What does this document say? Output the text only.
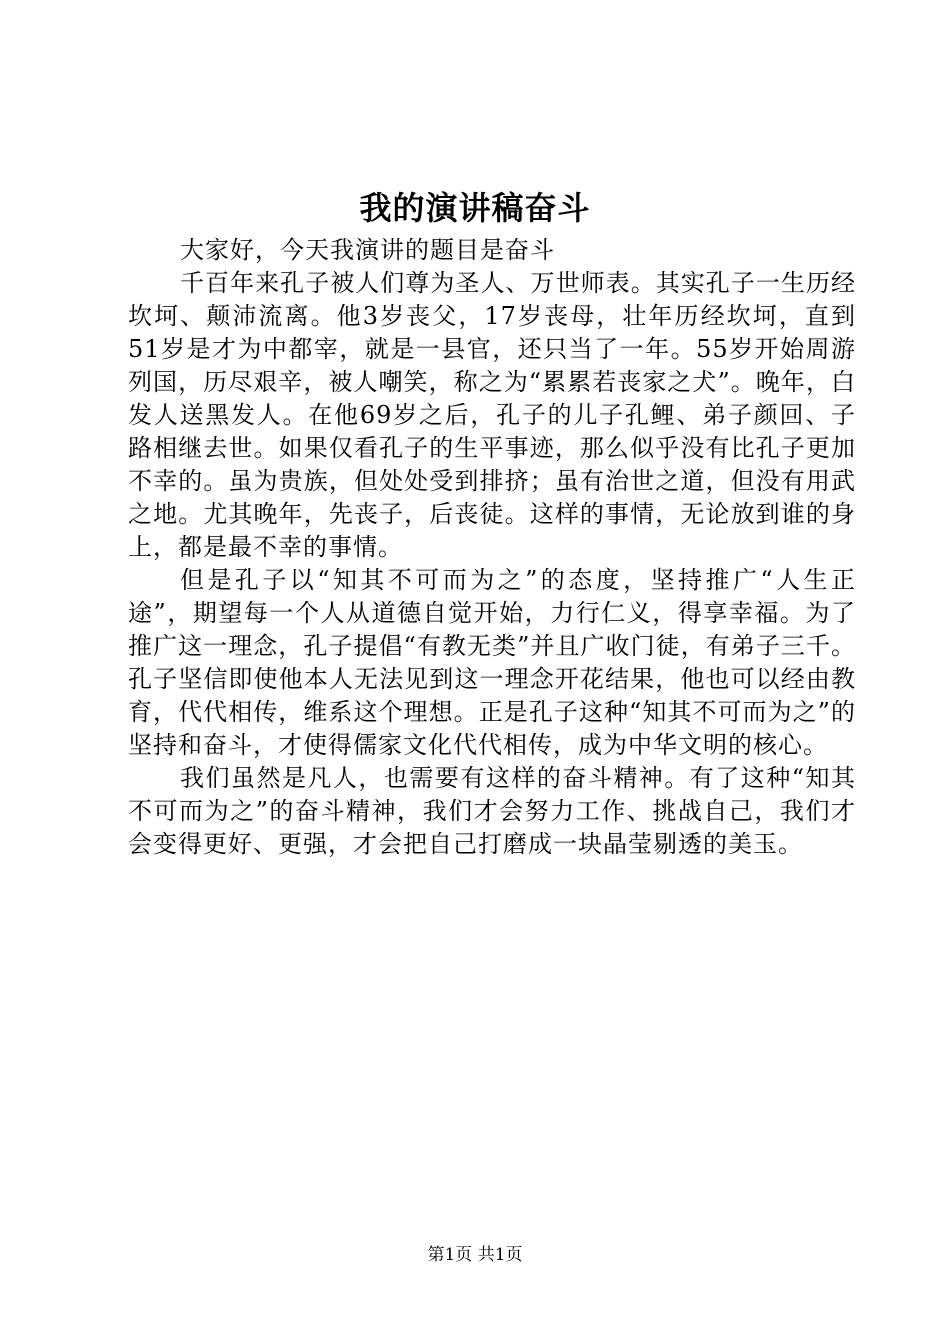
我的演讲稿奋斗

大家好，今天我演讲的题目是奋斗

千百年来孔子被人们尊为圣人、万世师表。其实孔子一生历经坎坷、颠沛流离。他3岁丧父，17岁丧母，壮年历经坎坷，直到51岁是才为中都宰，就是一县官，还只当了一年。55岁开始周游列国，历尽艰辛，被人嘲笑，称之为“累累若丧家之犬”。晚年，白发人送黑发人。在他69岁之后，孔子的儿子孔鲤、弟子颜回、子路相继去世。如果仅看孔子的生平事迹，那么似乎没有比孔子更加不幸的。虽为贵族，但处处受到排挤；虽有治世之道，但没有用武之地。尤其晚年，先丧子，后丧徒。这样的事情，无论放到谁的身上，都是最不幸的事情。

但是孔子以“知其不可而为之”的态度，坚持推广“人生正途”，期望每一个人从道德自觉开始，力行仁义，得享幸福。为了推广这一理念，孔子提倡“有教无类”并且广收门徒，有弟子三千。孔子坚信即使他本人无法见到这一理念开花结果，他也可以经由教育，代代相传，维系这个理想。正是孔子这种“知其不可而为之”的坚持和奋斗，才使得儒家文化代代相传，成为中华文明的核心。

我们虽然是凡人，也需要有这样的奋斗精神。有了这种“知其不可而为之”的奋斗精神，我们才会努力工作、挑战自己，我们才会变得更好、更强，才会把自己打磨成一块晶莹剔透的美玉。

第1页 共1页
